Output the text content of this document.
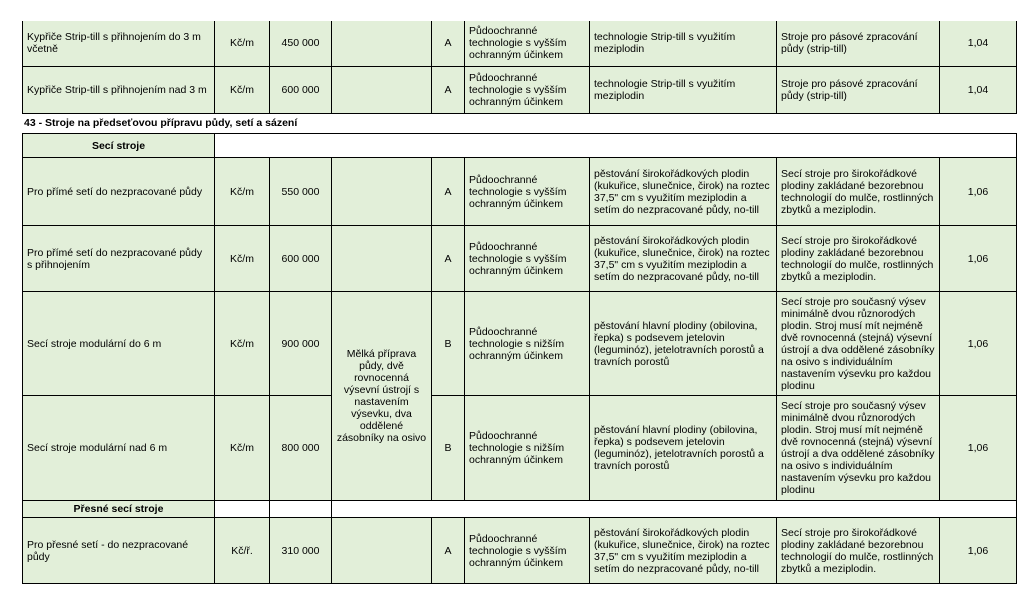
Kypřiče Strip-till s přihnojením do 3 m včetně	Kč/m	450 000		A	Půdoochranné technologie s vyšším ochranným účinkem	technologie Strip-till s využitím meziplodin	Stroje pro pásové zpracování půdy (strip-till)	1,04
Kypřiče Strip-till s přihnojením nad 3 m	Kč/m	600 000		A	Půdoochranné technologie s vyšším ochranným účinkem	technologie Strip-till s využitím meziplodin	Stroje pro pásové zpracování půdy (strip-till)	1,04
43 - Stroje na předseťovou přípravu půdy, setí a sázení
Secí stroje								
Pro přímé setí do nezpracované půdy	Kč/m	550 000		A	Půdoochranné technologie s vyšším ochranným účinkem	pěstování širokořádkových plodin (kukuřice, slunečnice, čirok) na roztec 37,5" cm s využitím meziplodin a setím do nezpracované půdy, no-till	Secí stroje pro širokořádkové plodiny zakládané bezorebnou technologií do mulče, rostlinných zbytků a meziplodin.	1,06
Pro přímé setí do nezpracované půdy s přihnojením	Kč/m	600 000		A	Půdoochranné technologie s vyšším ochranným účinkem	pěstování širokořádkových plodin (kukuřice, slunečnice, čirok) na roztec 37,5" cm s využitím meziplodin a setím do nezpracované půdy, no-till	Secí stroje pro širokořádkové plodiny zakládané bezorebnou technologií do mulče, rostlinných zbytků a meziplodin.	1,06
Secí stroje modulární do 6 m	Kč/m	900 000	Mělká příprava půdy, dvě rovnocenná výsevní ústrojí s nastavením výsevku, dva oddělené zásobníky na osivo	B	Půdoochranné technologie s nižším ochranným účinkem	pěstování hlavní plodiny (obilovina, řepka) s podsevem jetelovin (leguminóz), jetelotravních porostů a travních porostů	Secí stroje pro současný výsev minimálně dvou různorodých plodin. Stroj musí mít nejméně dvě rovnocenná (stejná) výsevní ústrojí a dva oddělené zásobníky na osivo s individuálním nastavením výsevku pro každou plodinu	1,06
Secí stroje modulární nad 6 m	Kč/m	800 000		B	Půdoochranné technologie s nižším ochranným účinkem	pěstování hlavní plodiny (obilovina, řepka) s podsevem jetelovin (leguminóz), jetelotravních porostů a travních porostů	Secí stroje pro současný výsev minimálně dvou různorodých plodin. Stroj musí mít nejméně dvě rovnocenná (stejná) výsevní ústrojí a dva oddělené zásobníky na osivo s individuálním nastavením výsevku pro každou plodinu	1,06
Přesné secí stroje								
Pro přesné setí - do nezpracované půdy	Kč/ř.	310 000		A	Půdoochranné technologie s vyšším ochranným účinkem	pěstování širokořádkových plodin (kukuřice, slunečnice, čirok) na roztec 37,5" cm s využitím meziplodin a setím do nezpracované půdy, no-till	Secí stroje pro širokořádkové plodiny zakládané bezorebnou technologií do mulče, rostlinných zbytků a meziplodin.	1,06
